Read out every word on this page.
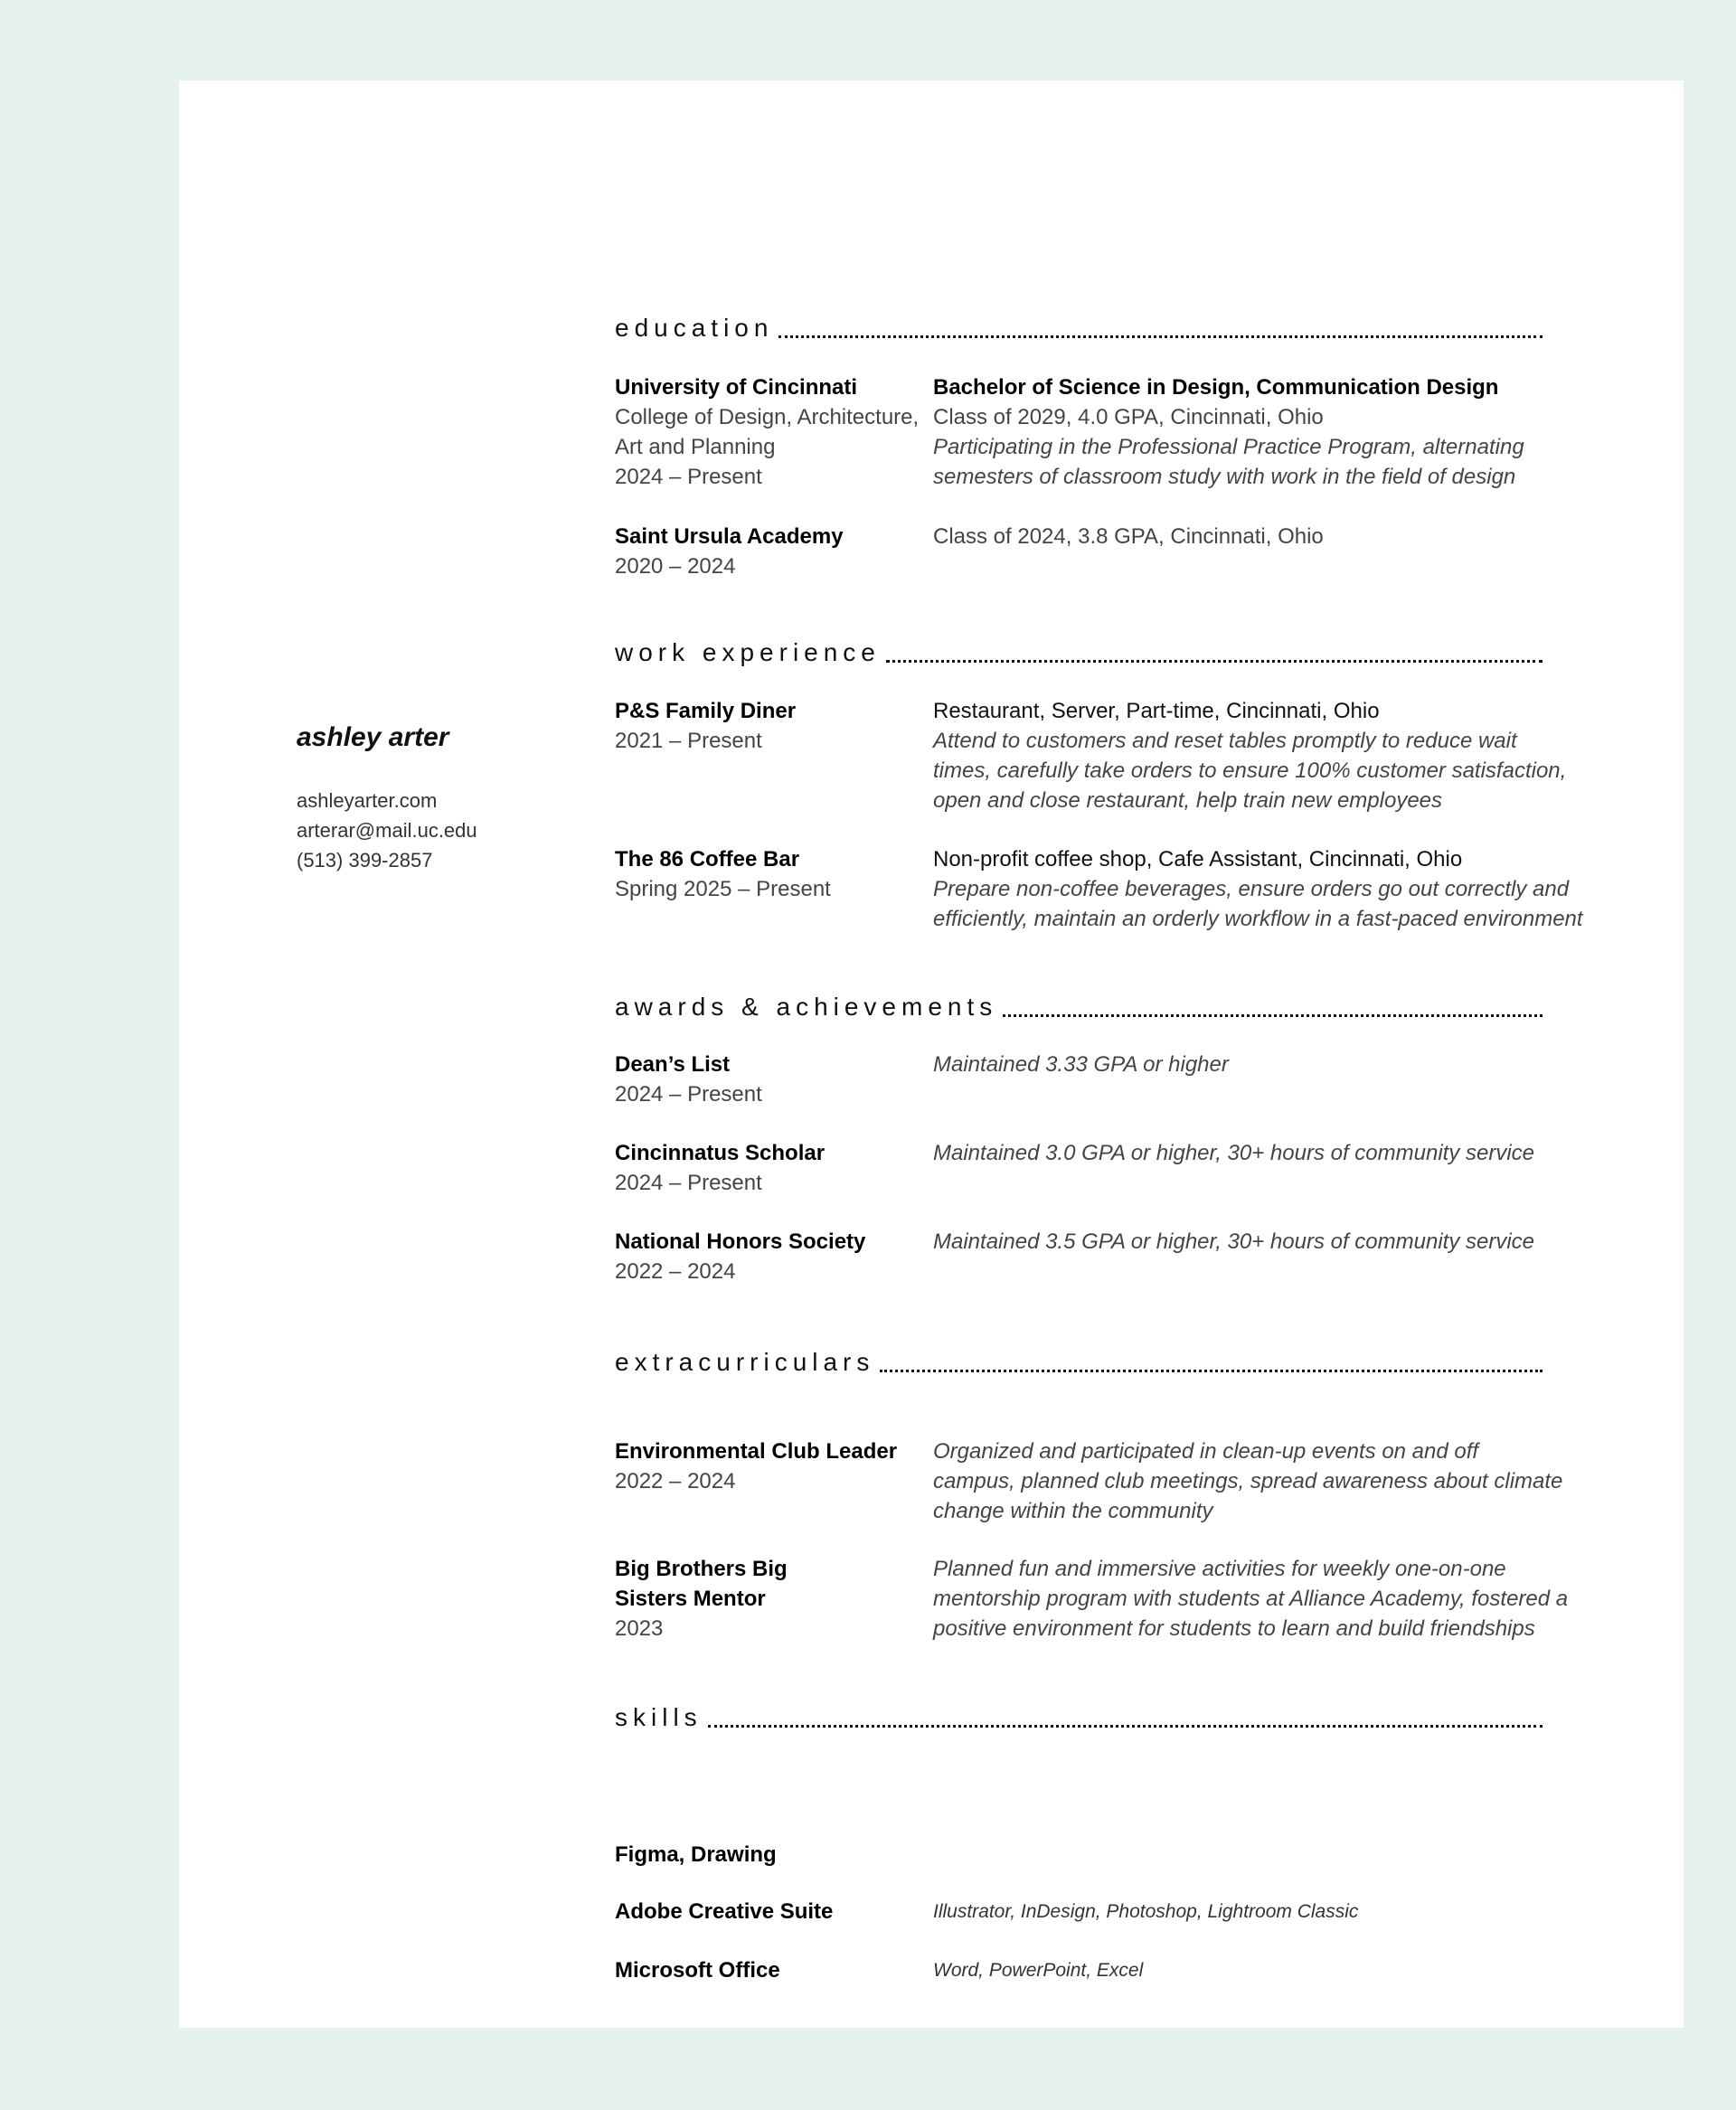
ashley arter
ashleyarter.com
arterar@mail.uc.edu
(513) 399-2857
education
University of Cincinnati
College of Design, Architecture,
Art and Planning
2024 – Present
Bachelor of Science in Design, Communication Design
Class of 2029, 4.0 GPA, Cincinnati, Ohio
Participating in the Professional Practice Program, alternating
semesters of classroom study with work in the field of design
Saint Ursula Academy
2020 – 2024
Class of 2024, 3.8 GPA, Cincinnati, Ohio
work experience
P&S Family Diner
2021 – Present
Restaurant, Server, Part-time, Cincinnati, Ohio
Attend to customers and reset tables promptly to reduce wait
times, carefully take orders to ensure 100% customer satisfaction,
open and close restaurant, help train new employees
The 86 Coffee Bar
Spring 2025 – Present
Non-profit coffee shop, Cafe Assistant, Cincinnati, Ohio
Prepare non-coffee beverages, ensure orders go out correctly and
efficiently, maintain an orderly workflow in a fast-paced environment
awards & achievements
Dean’s List
2024 – Present
Maintained 3.33 GPA or higher
Cincinnatus Scholar
2024 – Present
Maintained 3.0 GPA or higher, 30+ hours of community service
National Honors Society
2022 – 2024
Maintained 3.5 GPA or higher, 30+ hours of community service
extracurriculars
Environmental Club Leader
2022 – 2024
Organized and participated in clean-up events on and off
campus, planned club meetings, spread awareness about climate
change within the community
Big Brothers Big
Sisters Mentor
2023
Planned fun and immersive activities for weekly one-on-one
mentorship program with students at Alliance Academy, fostered a
positive environment for students to learn and build friendships
skills
Figma, Drawing
Adobe Creative Suite	Illustrator, InDesign, Photoshop, Lightroom Classic
Microsoft Office	Word, PowerPoint, Excel
